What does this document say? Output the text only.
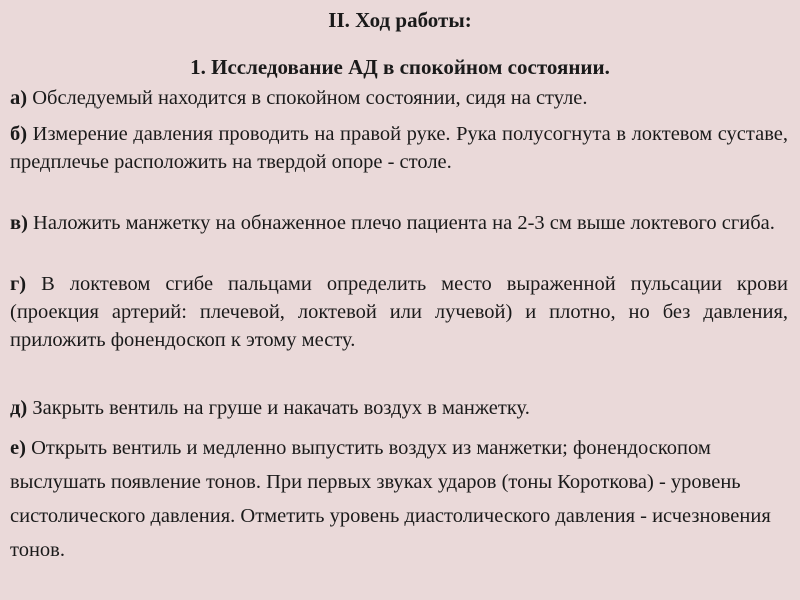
II. Ход работы:
1. Исследование АД в спокойном состоянии.

а) Обследуемый находится в спокойном состоянии, сидя на стуле.

б) Измерение давления проводить на правой руке. Рука полусогнута в локтевом суставе, предплечье расположить на твердой опоре - столе.

в) Наложить манжетку на обнаженное плечо пациента на 2-3 см выше локтевого сгиба.

г) В локтевом сгибе пальцами определить место выраженной пульсации крови (проекция артерий: плечевой, локтевой или лучевой) и плотно, но без давления, приложить фонендоскоп к этому месту.

д) Закрыть вентиль на груше и накачать воздух в манжетку.

е) Открыть вентиль и медленно выпустить воздух из манжетки; фонендоскопом выслушать появление тонов. При первых звуках ударов (тоны Короткова) - уровень систолического давления. Отметить уровень диастолического давления - исчезновения тонов.
